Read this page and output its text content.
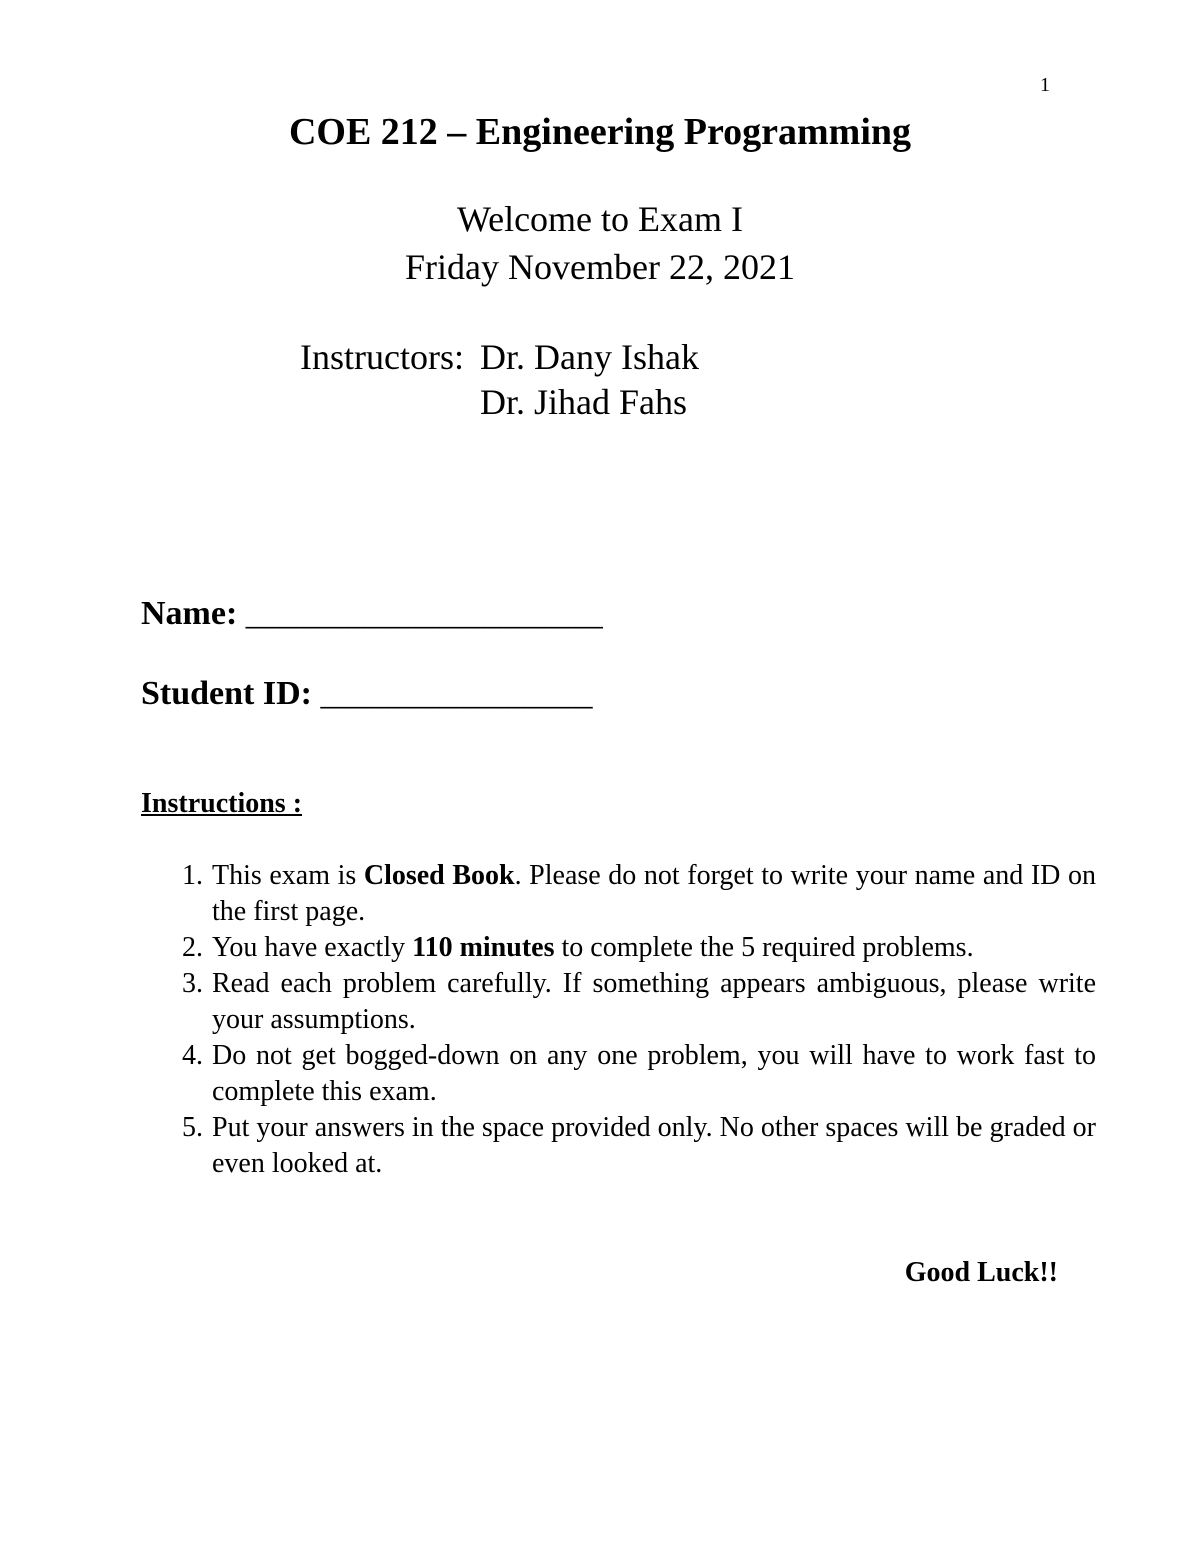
1
COE 212 – Engineering Programming
Welcome to Exam I
Friday November 22, 2021
Instructors: Dr. Dany Ishak
Dr. Jihad Fahs
Name: _____________________
Student ID: ________________
Instructions :
1. This exam is Closed Book. Please do not forget to write your name and ID on the first page.
2. You have exactly 110 minutes to complete the 5 required problems.
3. Read each problem carefully. If something appears ambiguous, please write your assumptions.
4. Do not get bogged-down on any one problem, you will have to work fast to complete this exam.
5. Put your answers in the space provided only. No other spaces will be graded or even looked at.
Good Luck!!
